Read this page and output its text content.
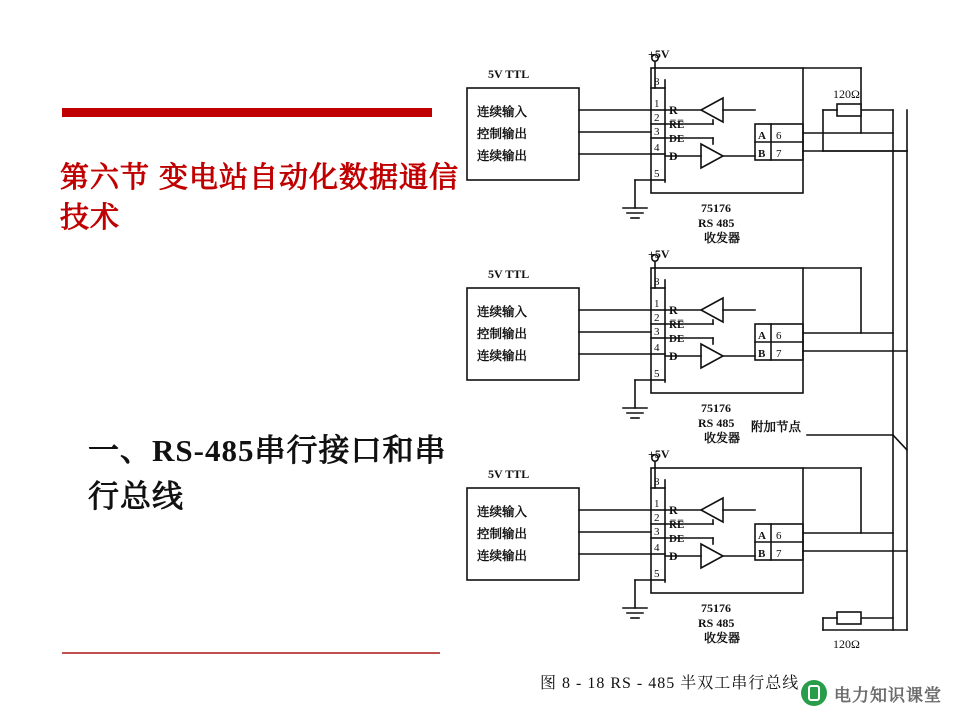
第六节 变电站自动化数据通信技术
一、RS-485串行接口和串行总线
5V TTL
连续输入
控制输出
连续输出
+5V
8
1
2
3
4
5
R
R̅E̅
DE
D
A
B
6
7
75176
RS 485
收发器
5V TTL
连续输入
控制输出
连续输出
+5V
8
1
2
3
4
5
R
R̅E̅
DE
D
A
B
6
7
75176
RS 485
收发器
5V TTL
连续输入
控制输出
连续输出
+5V
8
1
2
3
4
5
R
R̅E̅
DE
D
A
B
6
7
75176
RS 485
收发器
120Ω
120Ω
附加节点
图 8 - 18 RS - 485 半双工串行总线
电力知识课堂
